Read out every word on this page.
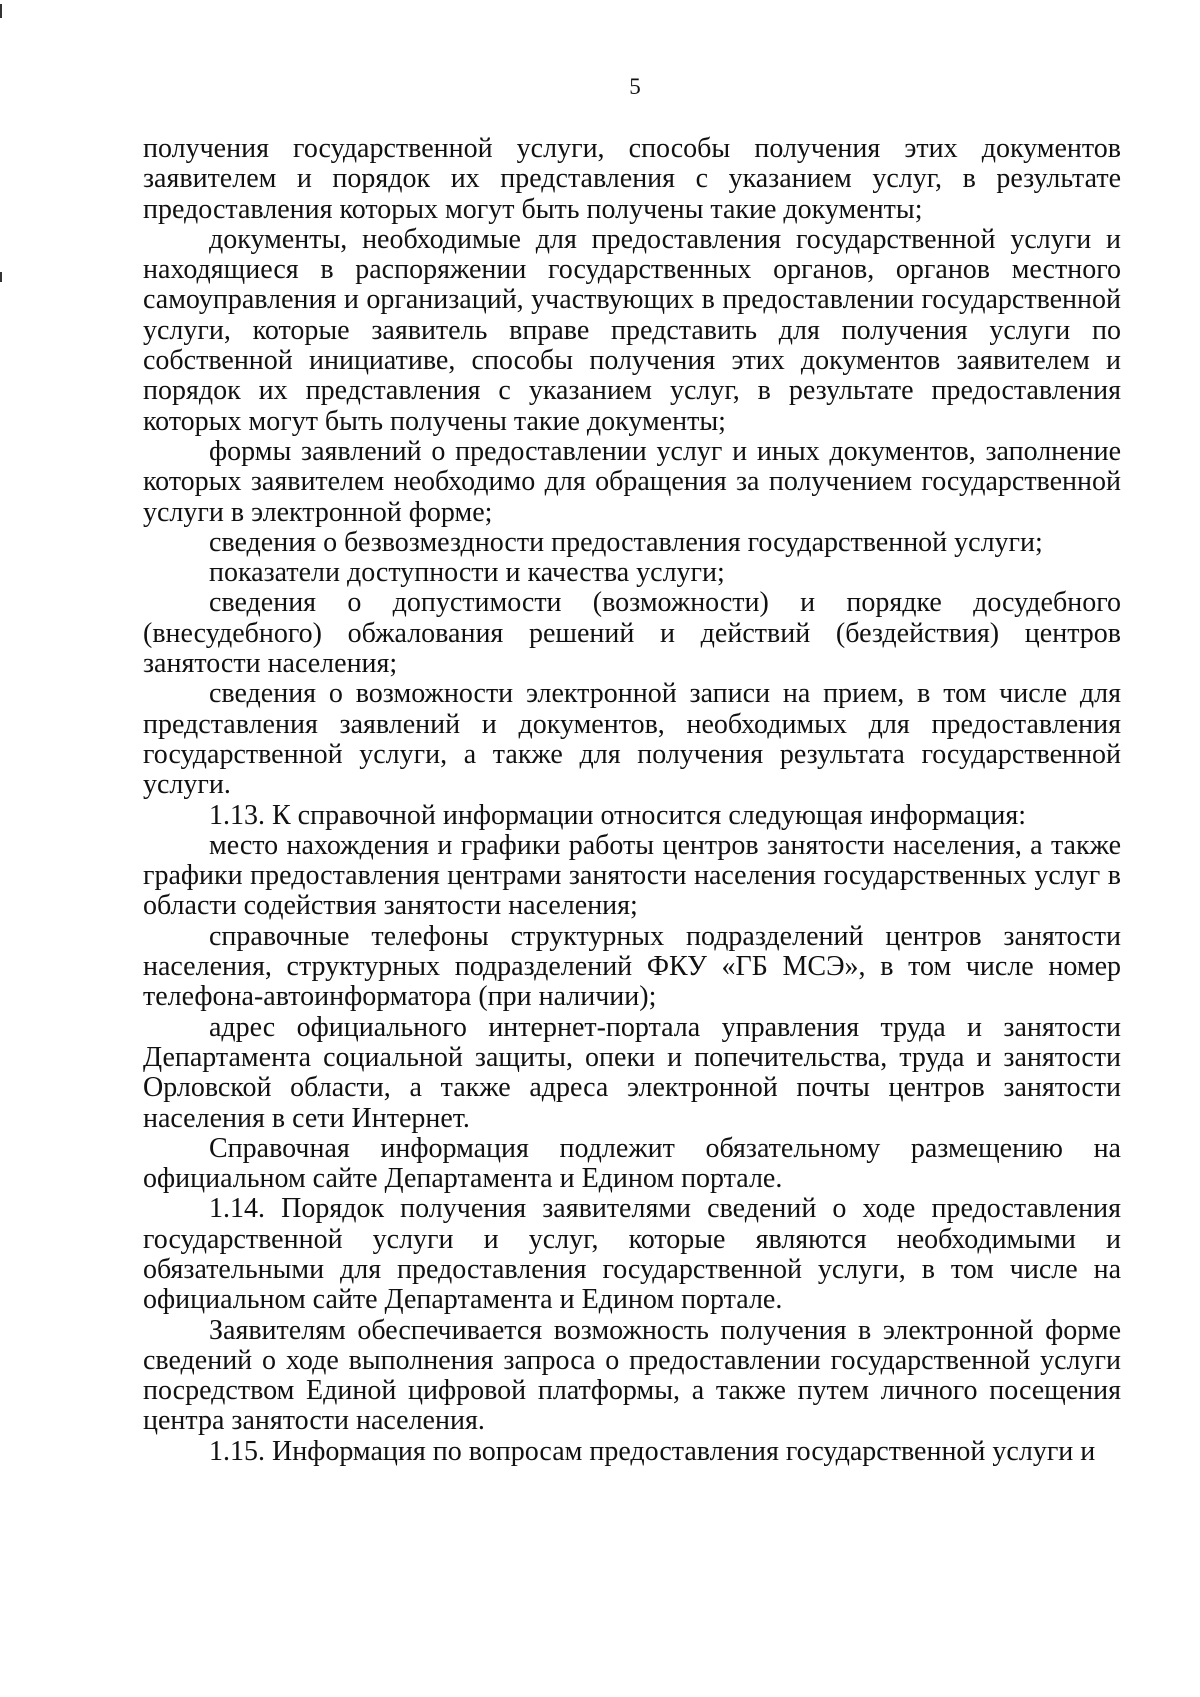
5

получения государственной услуги, способы получения этих документов заявителем и порядок их представления с указанием услуг, в результате предоставления которых могут быть получены такие документы;

документы, необходимые для предоставления государственной услуги и находящиеся в распоряжении государственных органов, органов местного самоуправления и организаций, участвующих в предоставлении государственной услуги, которые заявитель вправе представить для получения услуги по собственной инициативе, способы получения этих документов заявителем и порядок их представления с указанием услуг, в результате предоставления которых могут быть получены такие документы;

формы заявлений о предоставлении услуг и иных документов, заполнение которых заявителем необходимо для обращения за получением государственной услуги в электронной форме;

сведения о безвозмездности предоставления государственной услуги;

показатели доступности и качества услуги;

сведения о допустимости (возможности) и порядке досудебного (внесудебного) обжалования решений и действий (бездействия) центров занятости населения;

сведения о возможности электронной записи на прием, в том числе для представления заявлений и документов, необходимых для предоставления государственной услуги, а также для получения результата государственной услуги.

1.13. К справочной информации относится следующая информация:

место нахождения и графики работы центров занятости населения, а также графики предоставления центрами занятости населения государственных услуг в области содействия занятости населения;

справочные телефоны структурных подразделений центров занятости населения, структурных подразделений ФКУ «ГБ МСЭ», в том числе номер телефона-автоинформатора (при наличии);

адрес официального интернет-портала управления труда и занятости Департамента социальной защиты, опеки и попечительства, труда и занятости Орловской области, а также адреса электронной почты центров занятости населения в сети Интернет.

Справочная информация подлежит обязательному размещению на официальном сайте Департамента и Едином портале.

1.14. Порядок получения заявителями сведений о ходе предоставления государственной услуги и услуг, которые являются необходимыми и обязательными для предоставления государственной услуги, в том числе на официальном сайте Департамента и Едином портале.

Заявителям обеспечивается возможность получения в электронной форме сведений о ходе выполнения запроса о предоставлении государственной услуги посредством Единой цифровой платформы, а также путем личного посещения центра занятости населения.

1.15. Информация по вопросам предоставления государственной услуги и
